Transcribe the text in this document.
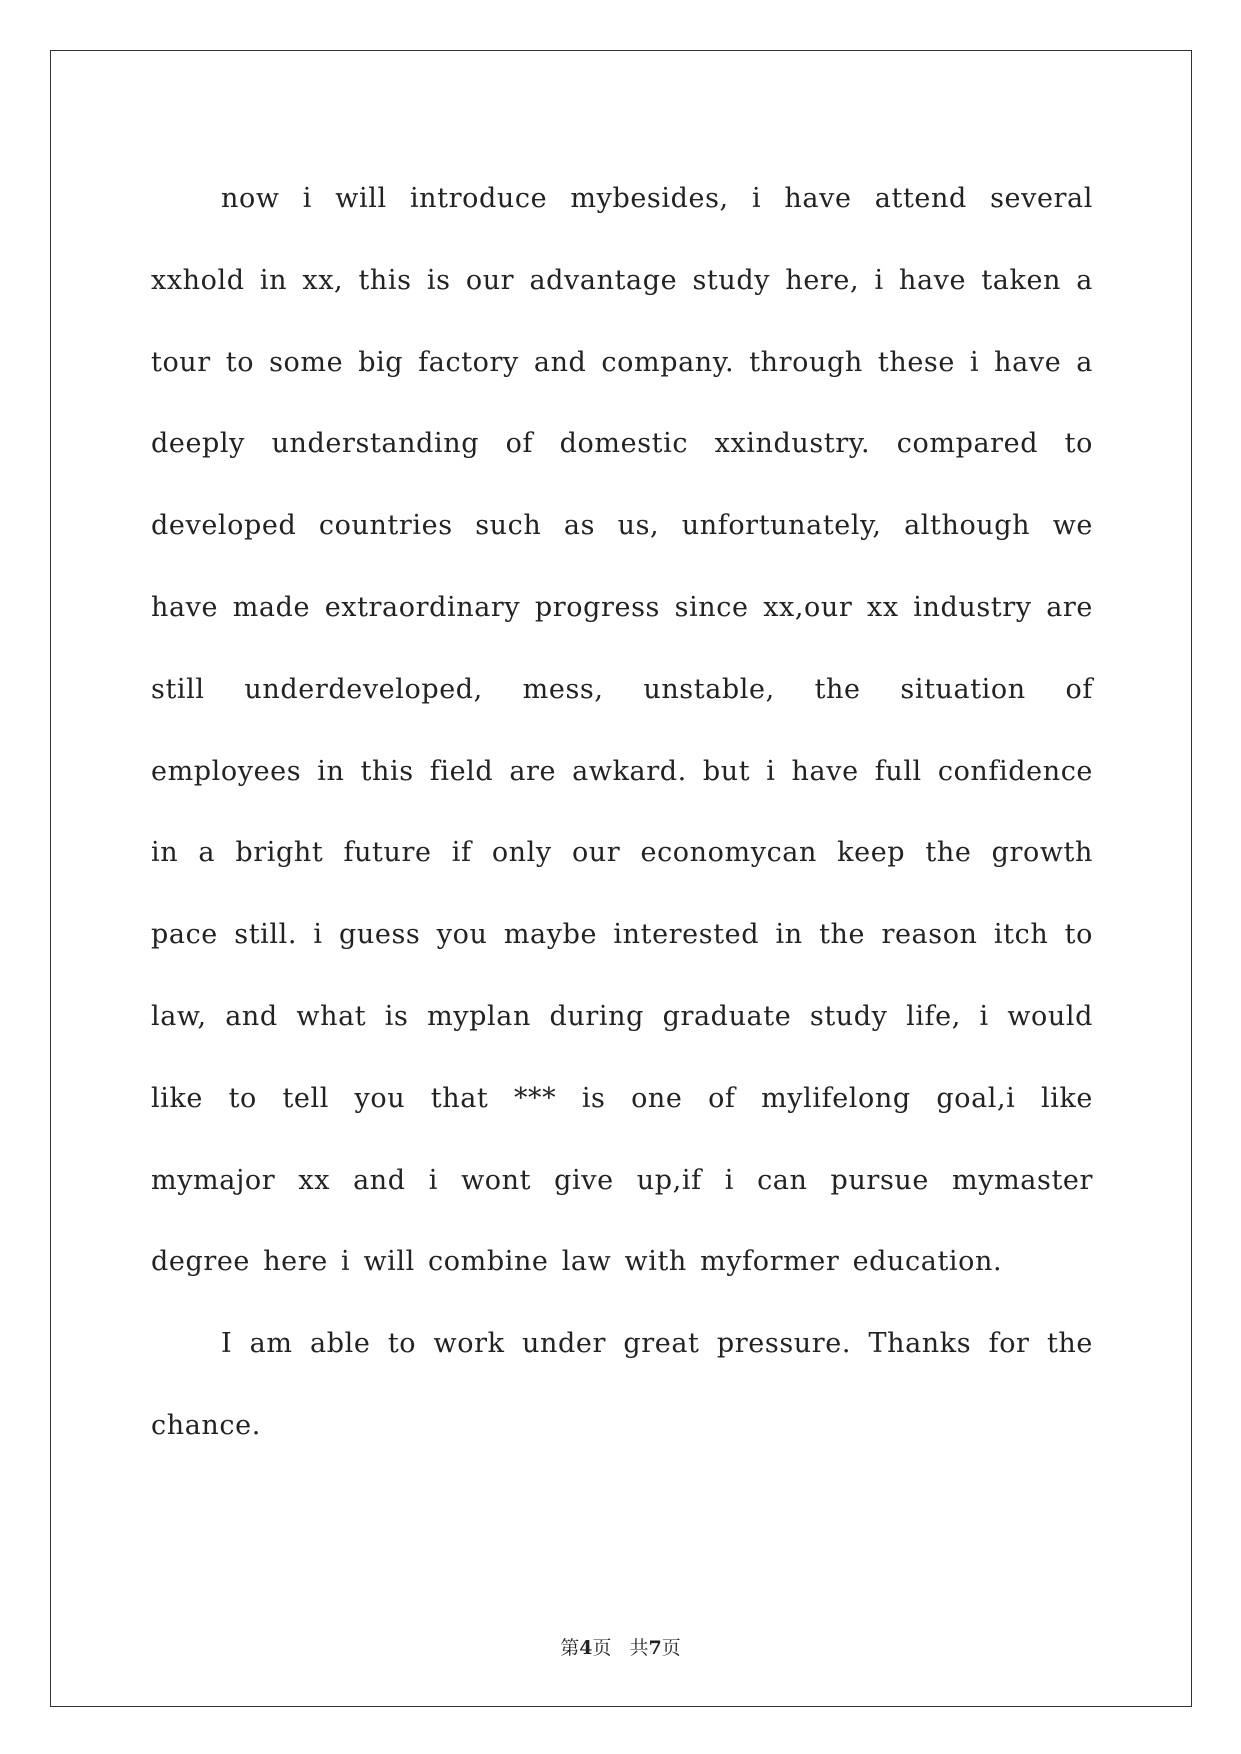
now i will introduce mybesides, i have attend several xxhold in xx, this is our advantage study here, i have taken a tour to some big factory and company. through these i have a deeply understanding of domestic xxindustry. compared to developed countries such as us, unfortunately, although we have made extraordinary progress since xx,our xx industry are still underdeveloped, mess, unstable, the situation of employees in this field are awkard. but i have full confidence in a bright future if only our economycan keep the growth pace still. i guess you maybe interested in the reason itch to law, and what is myplan during graduate study life, i would like to tell you that *** is one of mylifelong goal,i like mymajor xx and i wont give up,if i can pursue mymaster degree here i will combine law with myformer education.

I am able to work under great pressure. Thanks for the chance.

第4页 共7页
